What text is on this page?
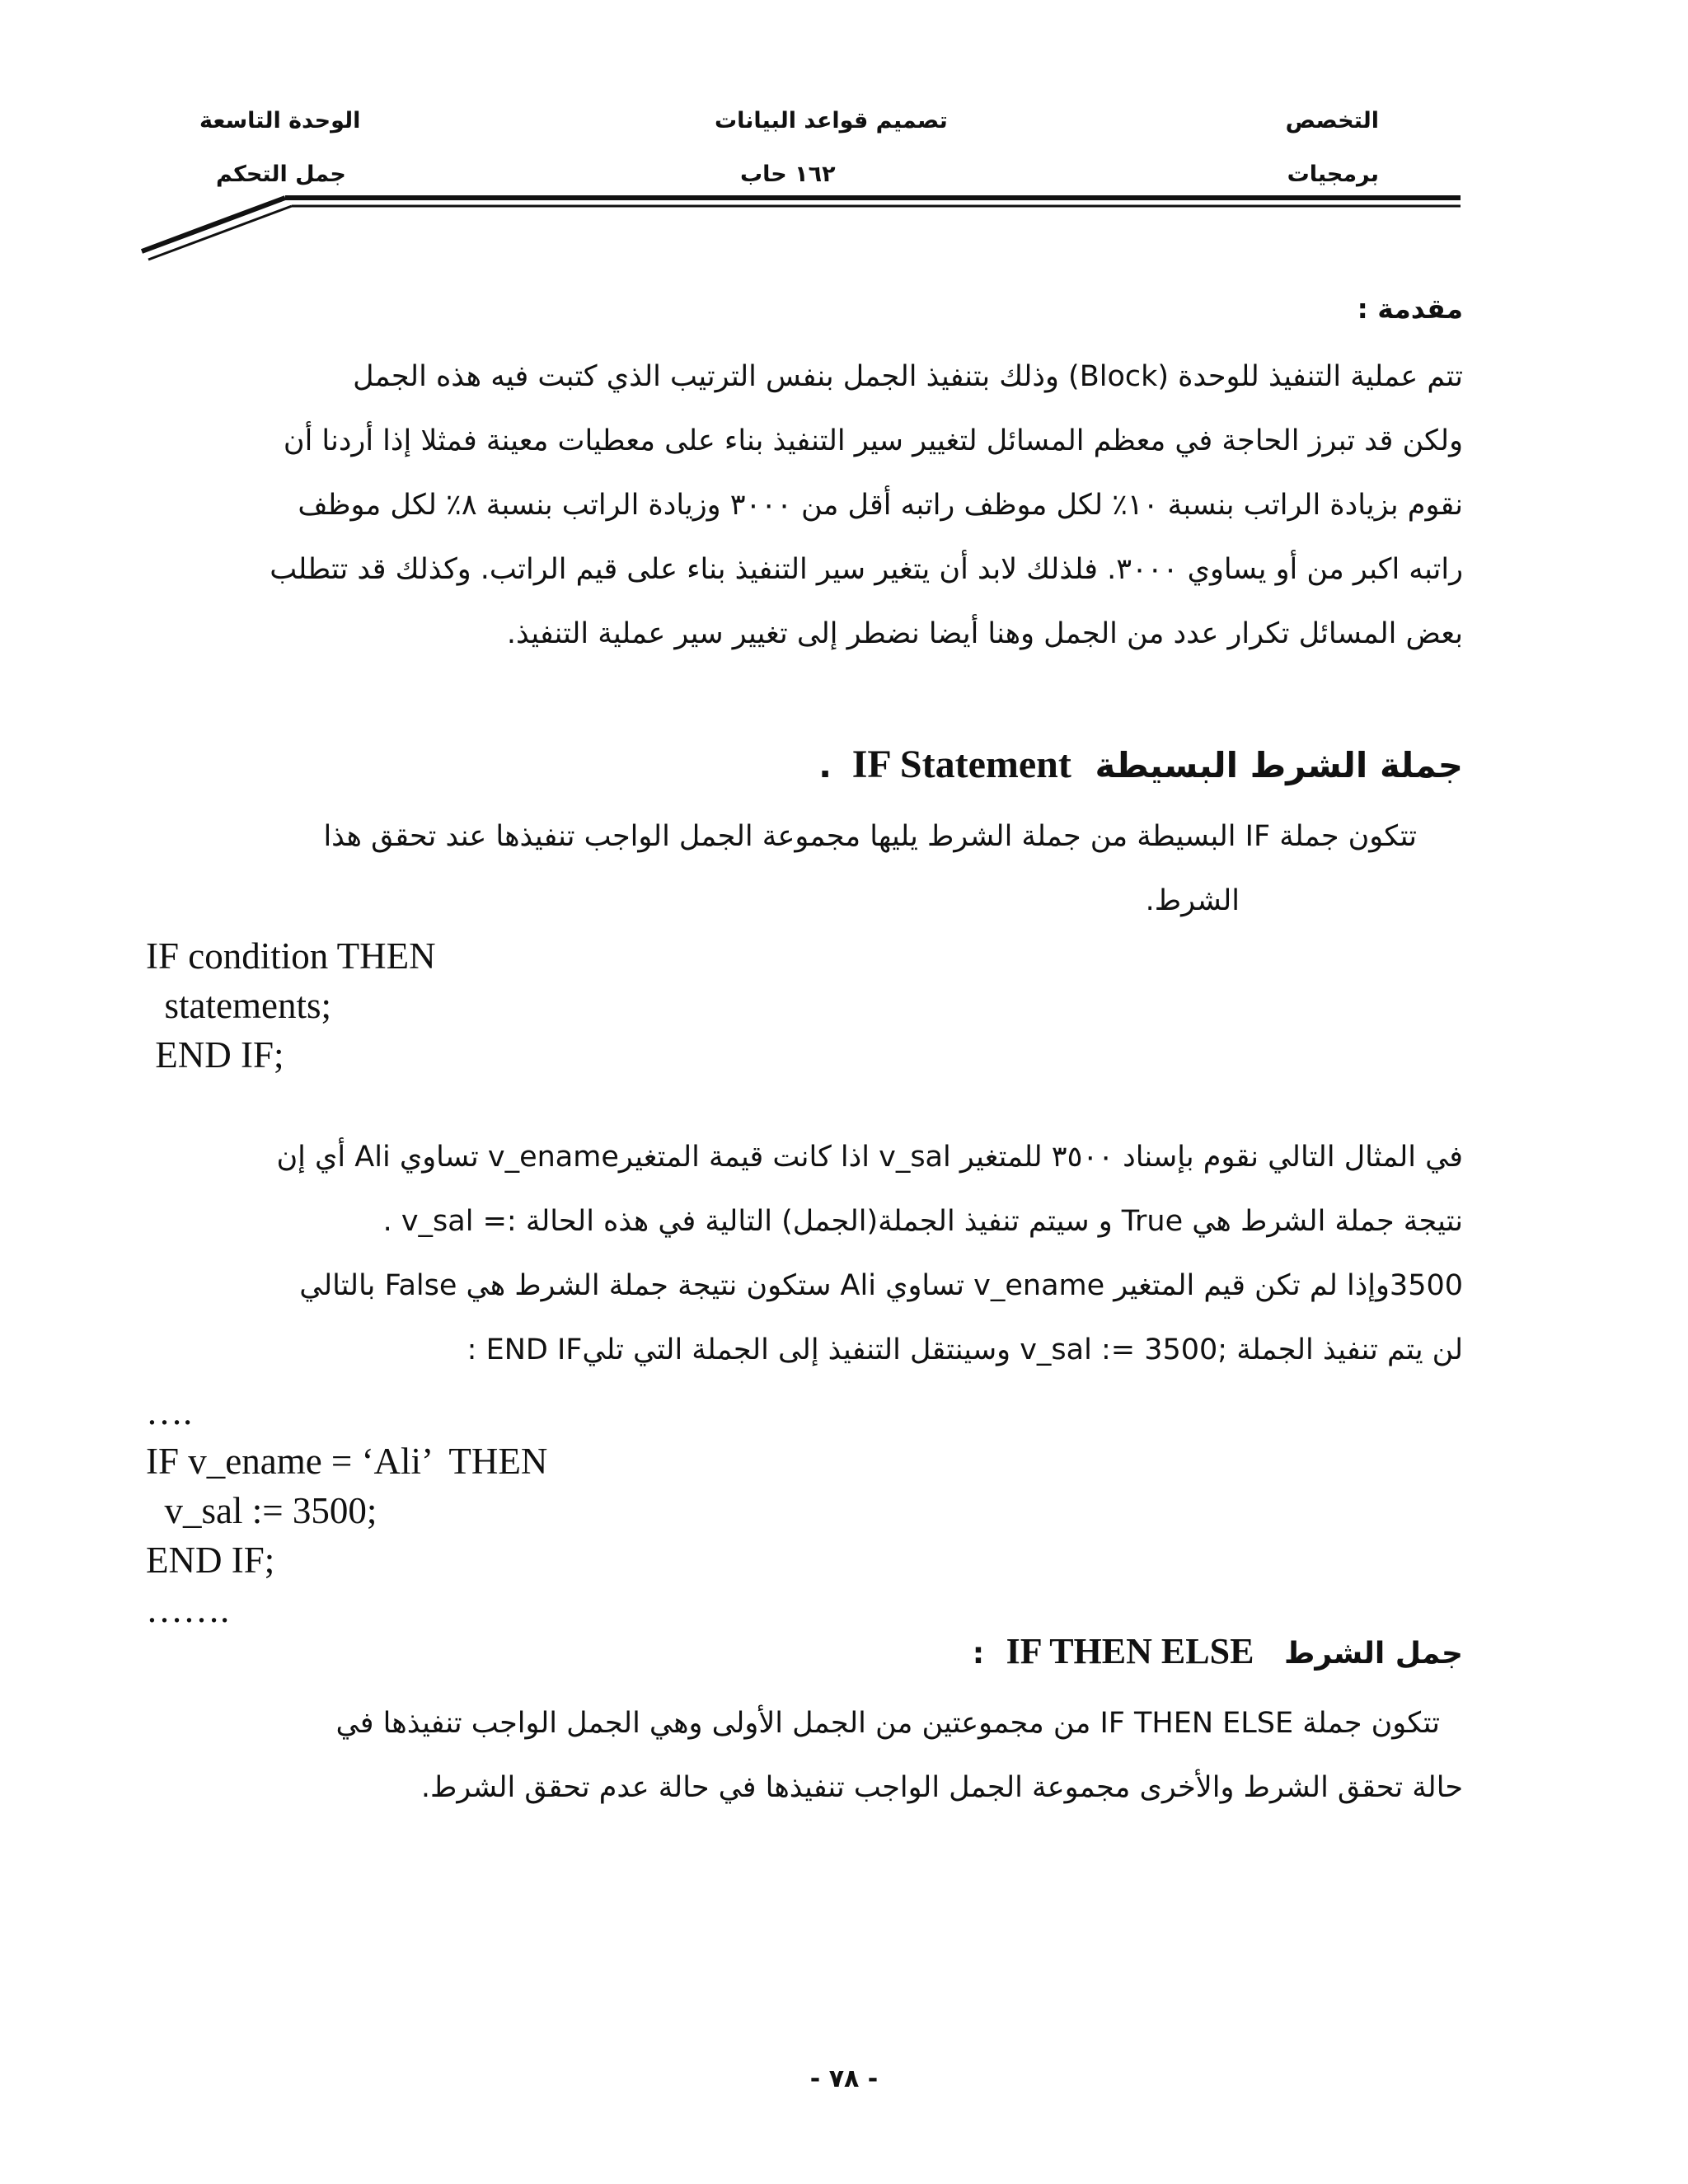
التخصص
برمجيات
تصميم قواعد البيانات
١٦٢ حاب
الوحدة التاسعة
جمل التحكم
مقدمة :

تتم عملية التنفيذ للوحدة (Block) وذلك بتنفيذ الجمل بنفس الترتيب الذي كتبت فيه هذه الجمل

ولكن قد تبرز الحاجة في معظم المسائل لتغيير سير التنفيذ بناء على معطيات معينة فمثلا إذا أردنا أن

نقوم بزيادة الراتب بنسبة ١٠٪ لكل موظف راتبه أقل من ٣٠٠٠ وزيادة الراتب بنسبة ٨٪ لكل موظف

راتبه اكبر من أو يساوي ٣٠٠٠. فلذلك لابد أن يتغير سير التنفيذ بناء على قيم الراتب. وكذلك قد تتطلب

بعض المسائل تكرار عدد من الجمل وهنا أيضا نضطر إلى تغيير سير عملية التنفيذ.

جملة الشرط البسيطة IF Statement .

تتكون جملة IF البسيطة من جملة الشرط يليها مجموعة الجمل الواجب تنفيذها عند تحقق هذا

الشرط.

IF condition THEN
statements;
END IF;

في المثال التالي نقوم بإسناد ٣٥٠٠ للمتغير v_sal اذا كانت قيمة المتغيرv_ename تساوي Ali أي إن

نتيجة جملة الشرط هي True و سيتم تنفيذ الجملة(الجمل) التالية في هذه الحالة := v_sal .

3500وإذا لم تكن قيم المتغير v_ename تساوي Ali ستكون نتيجة جملة الشرط هي False بالتالي

لن يتم تنفيذ الجملة ;3500 =: v_sal وسينتقل التنفيذ إلى الجملة التي تليEND IF :

….
IF v_ename = ‘Ali’  THEN
v_sal := 3500;
END IF;
…….
جمل الشرط IF THEN ELSE :

تتكون جملة IF THEN ELSE من مجموعتين من الجمل الأولى وهي الجمل الواجب تنفيذها في

حالة تحقق الشرط والأخرى مجموعة الجمل الواجب تنفيذها في حالة عدم تحقق الشرط.

- ٧٨ -
